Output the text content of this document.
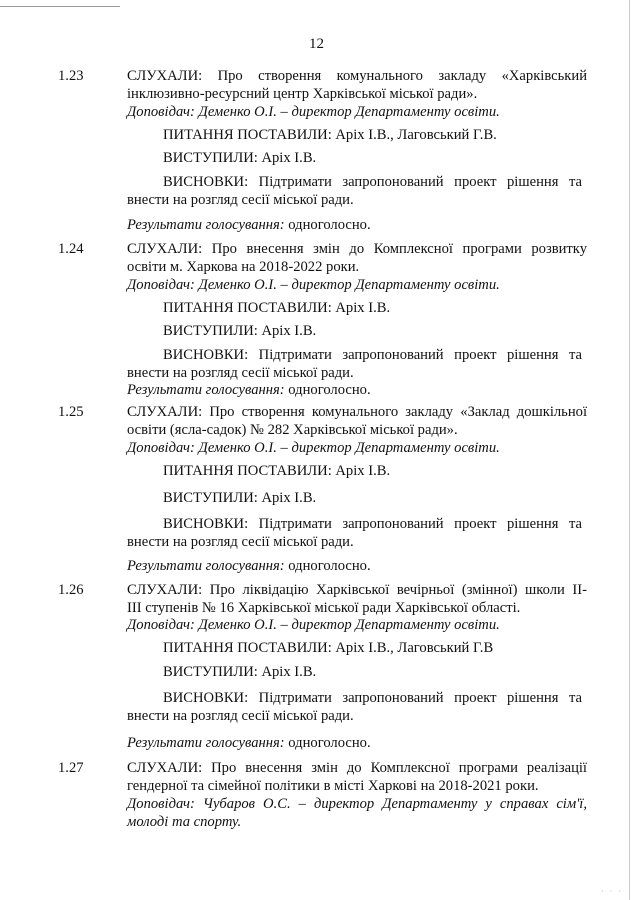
12
1.23	СЛУХАЛИ: Про створення комунального закладу «Харківський
інклюзивно-ресурсний центр Харківської міської ради».
Доповідач: Деменко О.І. – директор Департаменту освіти.
ПИТАННЯ ПОСТАВИЛИ: Аріх І.В., Лаговський Г.В.
ВИСТУПИЛИ: Аріх І.В.
ВИСНОВКИ: Підтримати запропонований проект рішення та
внести на розгляд сесії міської ради.
Результати голосування: одноголосно.
1.24	СЛУХАЛИ: Про внесення змін до Комплексної програми розвитку
освіти м. Харкова на 2018-2022 роки.
Доповідач: Деменко О.І. – директор Департаменту освіти.
ПИТАННЯ ПОСТАВИЛИ: Аріх І.В.
ВИСТУПИЛИ: Аріх І.В.
ВИСНОВКИ: Підтримати запропонований проект рішення та
внести на розгляд сесії міської ради.
Результати голосування: одноголосно.
1.25	СЛУХАЛИ: Про створення комунального закладу «Заклад дошкільної
освіти (ясла-садок) № 282 Харківської міської ради».
Доповідач: Деменко О.І. – директор Департаменту освіти.
ПИТАННЯ ПОСТАВИЛИ: Аріх І.В.
ВИСТУПИЛИ: Аріх І.В.
ВИСНОВКИ: Підтримати запропонований проект рішення та
внести на розгляд сесії міської ради.
Результати голосування: одноголосно.
1.26	СЛУХАЛИ: Про ліквідацію Харківської вечірньої (змінної) школи ІІ-
ІІІ ступенів № 16 Харківської міської ради Харківської області.
Доповідач: Деменко О.І. – директор Департаменту освіти.
ПИТАННЯ ПОСТАВИЛИ: Аріх І.В., Лаговський Г.В
ВИСТУПИЛИ: Аріх І.В.
ВИСНОВКИ: Підтримати запропонований проект рішення та
внести на розгляд сесії міської ради.
Результати голосування: одноголосно.
1.27	СЛУХАЛИ: Про внесення змін до Комплексної програми реалізації
гендерної та сімейної політики в місті Харкові на 2018-2021 роки.
Доповідач: Чубаров О.С. – директор Департаменту у справах сім'ї,
молоді та спорту.
· · ·
